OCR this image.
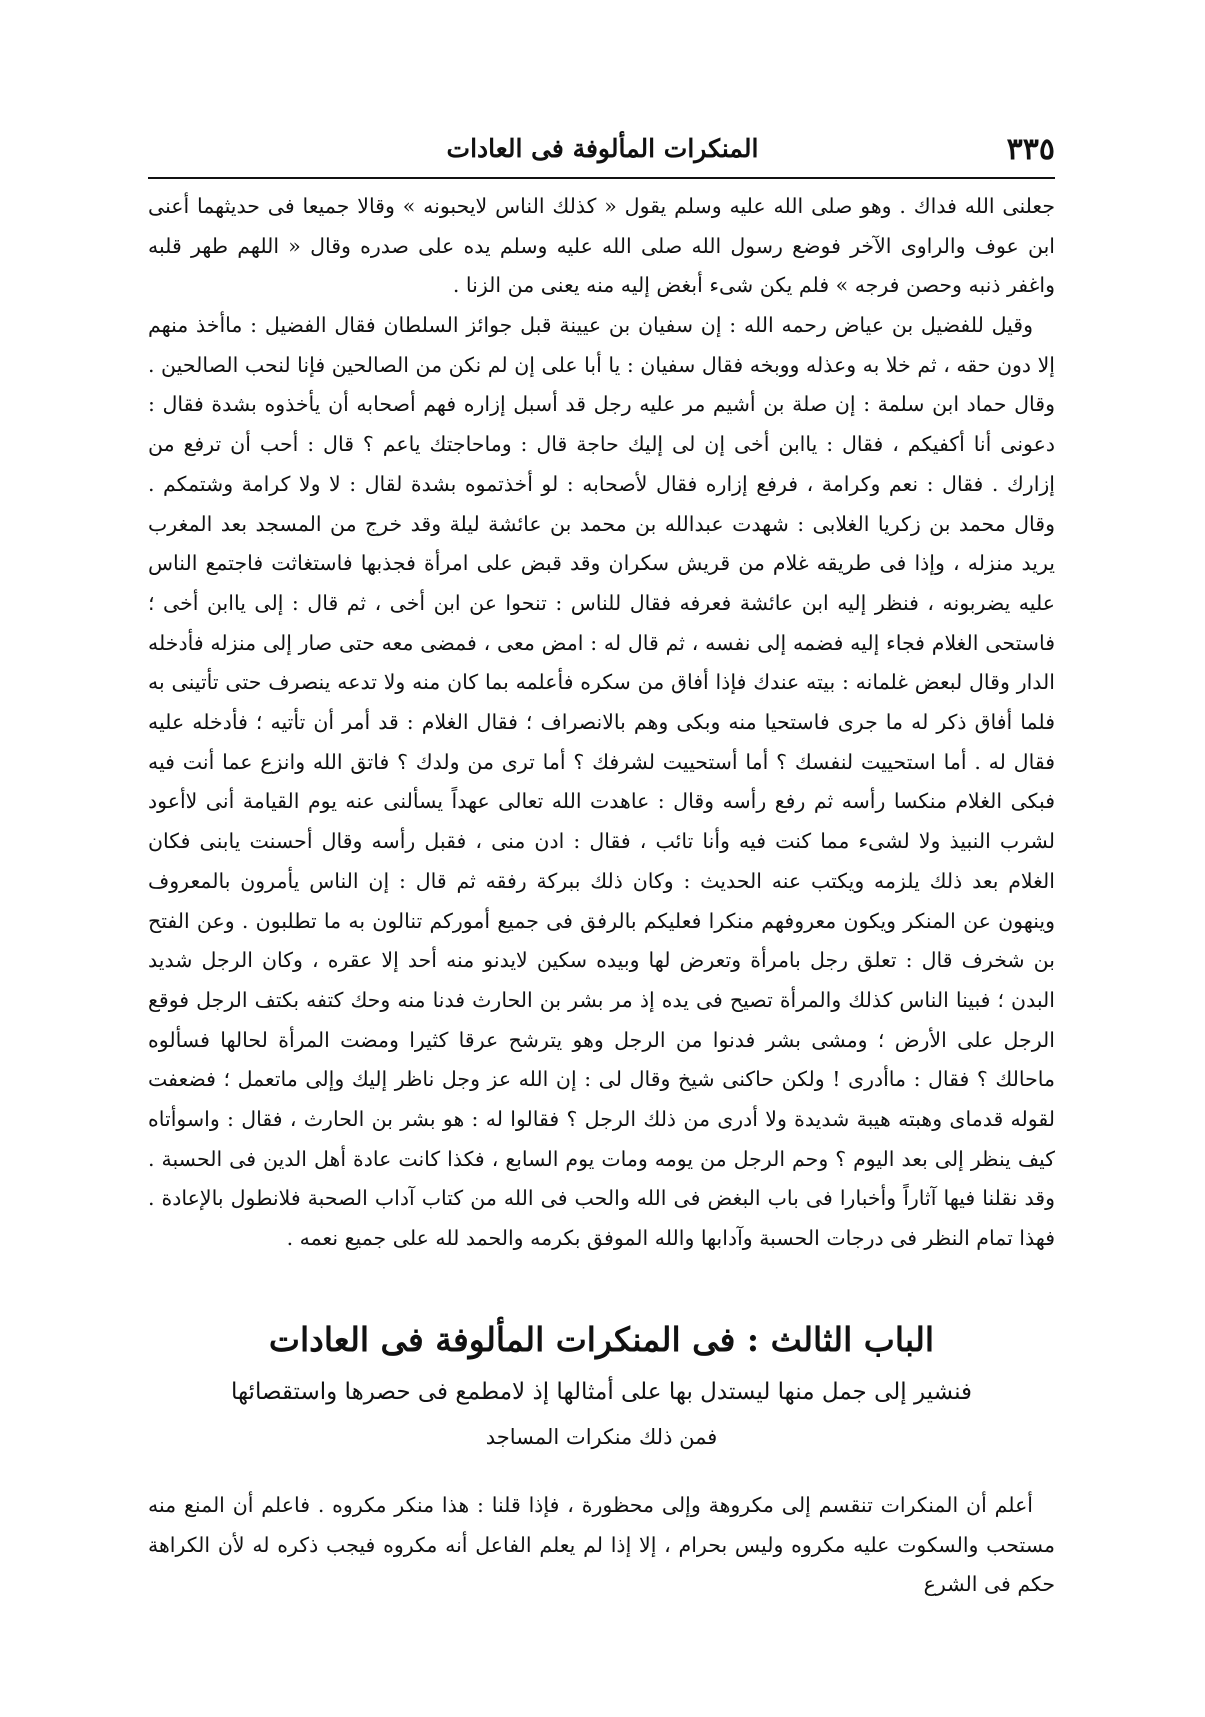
٣٣٥
المنكرات المألوفة فى العادات

جعلنى الله فداك . وهو صلى الله عليه وسلم يقول « كذلك الناس لايحبونه » وقالا جميعا فى حديثهما أعنى ابن عوف والراوى الآخر فوضع رسول الله صلى الله عليه وسلم يده على صدره وقال « اللهم طهر قلبه واغفر ذنبه وحصن فرجه » فلم يكن شىء أبغض إليه منه يعنى من الزنا .

وقيل للفضيل بن عياض رحمه الله : إن سفيان بن عيينة قبل جوائز السلطان فقال الفضيل : ماأخذ منهم إلا دون حقه ، ثم خلا به وعذله ووبخه فقال سفيان : يا أبا على إن لم نكن من الصالحين فإنا لنحب الصالحين . وقال حماد ابن سلمة : إن صلة بن أشيم مر عليه رجل قد أسبل إزاره فهم أصحابه أن يأخذوه بشدة فقال : دعونى أنا أكفيكم ، فقال : ياابن أخى إن لى إليك حاجة قال : وماحاجتك ياعم ؟ قال : أحب أن ترفع من إزارك . فقال : نعم وكرامة ، فرفع إزاره فقال لأصحابه : لو أخذتموه بشدة لقال : لا ولا كرامة وشتمكم . وقال محمد بن زكريا الغلابى : شهدت عبدالله بن محمد بن عائشة ليلة وقد خرج من المسجد بعد المغرب يريد منزله ، وإذا فى طريقه غلام من قريش سكران وقد قبض على امرأة فجذبها فاستغاثت فاجتمع الناس عليه يضربونه ، فنظر إليه ابن عائشة فعرفه فقال للناس : تنحوا عن ابن أخى ، ثم قال : إلى ياابن أخى ؛ فاستحى الغلام فجاء إليه فضمه إلى نفسه ، ثم قال له : امض معى ، فمضى معه حتى صار إلى منزله فأدخله الدار وقال لبعض غلمانه : بيته عندك فإذا أفاق من سكره فأعلمه بما كان منه ولا تدعه ينصرف حتى تأتينى به فلما أفاق ذكر له ما جرى فاستحيا منه وبكى وهم بالانصراف ؛ فقال الغلام : قد أمر أن تأتيه ؛ فأدخله عليه فقال له . أما استحييت لنفسك ؟ أما أستحييت لشرفك ؟ أما ترى من ولدك ؟ فاتق الله وانزع عما أنت فيه فبكى الغلام منكسا رأسه ثم رفع رأسه وقال : عاهدت الله تعالى عهداً يسألنى عنه يوم القيامة أنى لاأعود لشرب النبيذ ولا لشىء مما كنت فيه وأنا تائب ، فقال : ادن منى ، فقبل رأسه وقال أحسنت يابنى فكان الغلام بعد ذلك يلزمه ويكتب عنه الحديث : وكان ذلك ببركة رفقه ثم قال : إن الناس يأمرون بالمعروف وينهون عن المنكر ويكون معروفهم منكرا فعليكم بالرفق فى جميع أموركم تنالون به ما تطلبون . وعن الفتح بن شخرف قال : تعلق رجل بامرأة وتعرض لها وبيده سكين لايدنو منه أحد إلا عقره ، وكان الرجل شديد البدن ؛ فبينا الناس كذلك والمرأة تصيح فى يده إذ مر بشر بن الحارث فدنا منه وحك كتفه بكتف الرجل فوقع الرجل على الأرض ؛ ومشى بشر فدنوا من الرجل وهو يترشح عرقا كثيرا ومضت المرأة لحالها فسألوه ماحالك ؟ فقال : ماأدرى ! ولكن حاكنى شيخ وقال لى : إن الله عز وجل ناظر إليك وإلى ماتعمل ؛ فضعفت لقوله قدماى وهبته هيبة شديدة ولا أدرى من ذلك الرجل ؟ فقالوا له : هو بشر بن الحارث ، فقال : واسوأتاه كيف ينظر إلى بعد اليوم ؟ وحم الرجل من يومه ومات يوم السابع ، فكذا كانت عادة أهل الدين فى الحسبة . وقد نقلنا فيها آثاراً وأخبارا فى باب البغض فى الله والحب فى الله من كتاب آداب الصحبة فلانطول بالإعادة . فهذا تمام النظر فى درجات الحسبة وآدابها والله الموفق بكرمه والحمد لله على جميع نعمه .

الباب الثالث : فى المنكرات المألوفة فى العادات
فنشير إلى جمل منها ليستدل بها على أمثالها إذ لامطمع فى حصرها واستقصائها
فمن ذلك منكرات المساجد

أعلم أن المنكرات تنقسم إلى مكروهة وإلى محظورة ، فإذا قلنا : هذا منكر مكروه . فاعلم أن المنع منه مستحب والسكوت عليه مكروه وليس بحرام ، إلا إذا لم يعلم الفاعل أنه مكروه فيجب ذكره له لأن الكراهة حكم فى الشرع
